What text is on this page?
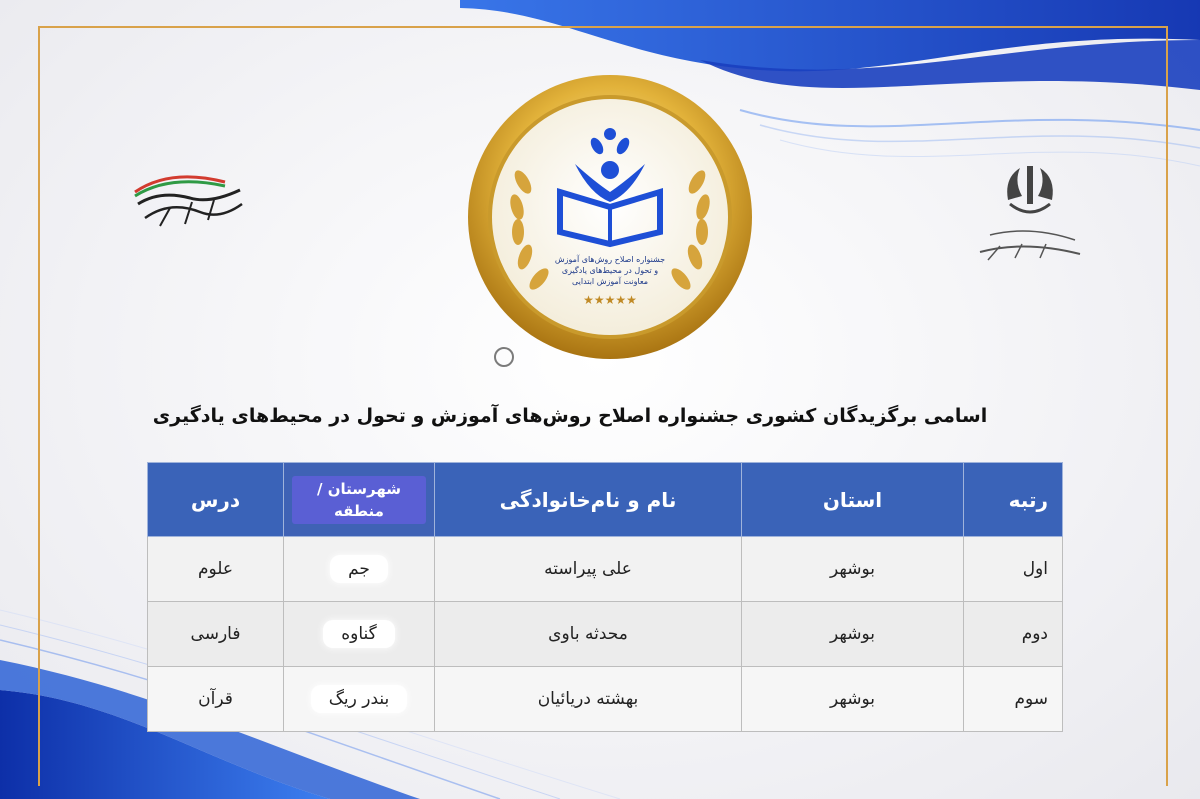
جشنواره اصلاح روش‌های آموزش
و تحول در محیط‌های یادگیری
معاونت آموزش ابتدایی
★★★★★
اسامی برگزیدگان کشوری جشنواره اصلاح روش‌های آموزش و تحول در محیط‌های یادگیری
رتبه	استان	نام و نام‌خانوادگی	شهرستان / منطقه	درس
اول	بوشهر	علی پیراسته	جم	علوم
دوم	بوشهر	محدثه باوی	گناوه	فارسی
سوم	بوشهر	بهشته دریائیان	بندر ریگ	قرآن
